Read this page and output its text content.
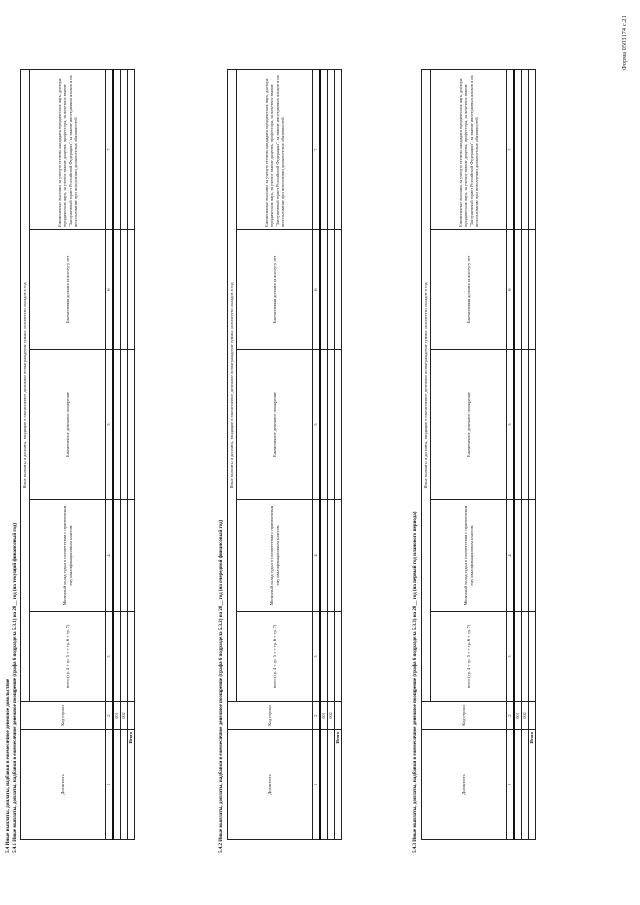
Форма 0503174 с.21
5.4 Иные выплаты, доплаты, надбавки в ежемесячное денежное довольствие 5.4.1 Иные выплаты, доплаты, надбавки в ежемесячное денежное поощрение (графа 6 подраздела 5.3.1) на 20__ год (на текущий финансовый год)	Должность	Код строки	Иные выплаты и доплаты, входящие в ежемесячное денежное вознаграждение суммы: количество окладов в год				
		всего (гр. 4 + гр. 5 + + гр. 6 + гр. 7)	Месячный оклад судьи в соответствии с присвоенным ему квалификационным классом	Ежемесячное денежное поощрение	Ежемесячная доплата за выслугу лет	Ежемесячные выплаты за ученую степень кандидата юридических наук, доктора юридических наук, за ученое звание доцента, профессора, за почетное звание "Заслуженный юрист Российской Федерации", за знание иностранных языков и их использование при исполнении должностных обязанностей
1	2	3	4	5	6	7
	001					
	002					
Итого							5.4.2 Иные выплаты, доплаты, надбавки в ежемесячное денежное поощрение (графа 6 подраздела 5.3.2) на 20__ год (на очередной финансовый год)	Должность	Код строки	Иные выплаты и доплаты, входящие в ежемесячное денежное вознаграждение суммы: количество окладов в год				
		всего (гр. 4 + гр. 5 + + гр. 6 + гр. 7)	Месячный оклад судьи в соответствии с присвоенным ему квалификационным классом	Ежемесячное денежное поощрение	Ежемесячная доплата за выслугу лет	Ежемесячные выплаты за ученую степень кандидата юридических наук, доктора юридических наук, за ученое звание доцента, профессора, за почетное звание "Заслуженный юрист Российской Федерации", за знание иностранных языков и их использование при исполнении должностных обязанностей
1	2	3	4	5	6	7
	001					
	002					
Итого							5.4.3 Иные выплаты, доплаты, надбавки в ежемесячное денежное поощрение (графа 6 подраздела 5.3.3) на 20__ год (на первый год планового периода)	Должность	Код строки	Иные выплаты и доплаты, входящие в ежемесячное денежное вознаграждение суммы: количество окладов в год				
		всего (гр. 4 + гр. 5 + + гр. 6 + гр. 7)	Месячный оклад судьи в соответствии с присвоенным ему квалификационным классом	Ежемесячное денежное поощрение	Ежемесячная доплата за выслугу лет	Ежемесячные выплаты за ученую степень кандидата юридических наук, доктора юридических наук, за ученое звание доцента, профессора, за почетное звание "Заслуженный юрист Российской Федерации", за знание иностранных языков и их использование при исполнении должностных обязанностей
1	2	3	4	5	6	7
	001					
	002					
Итого						
